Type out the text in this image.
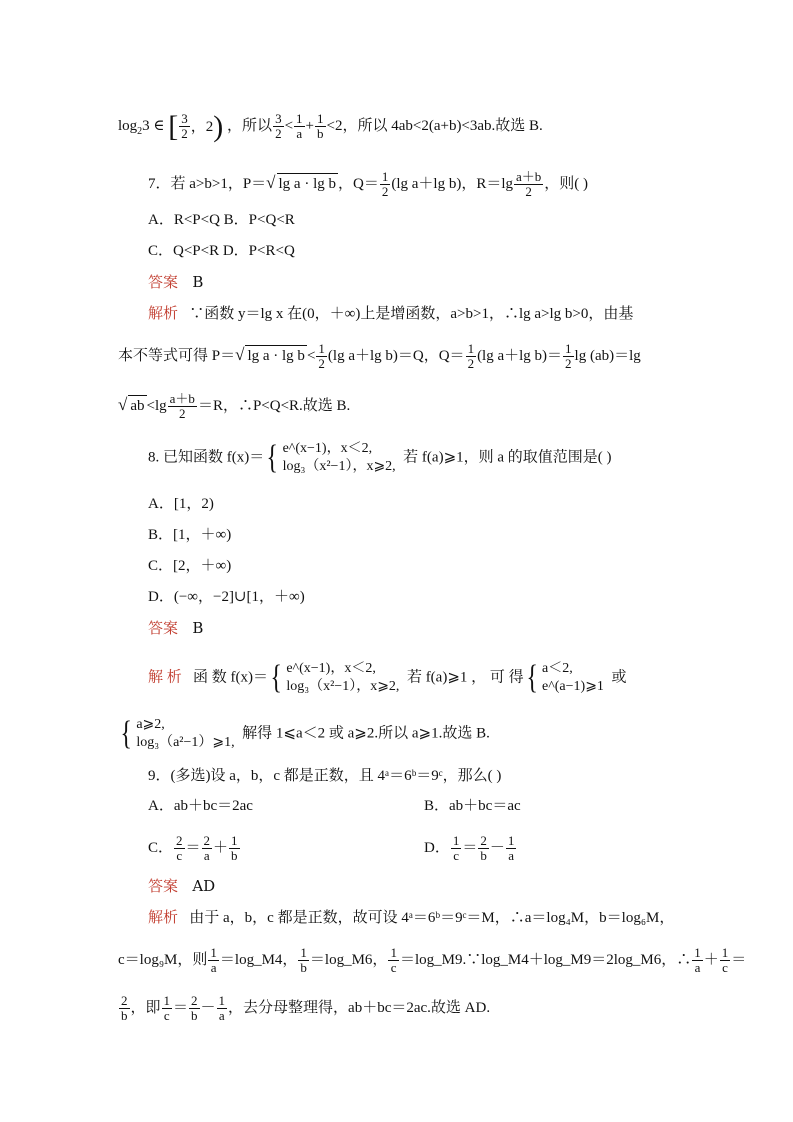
$\log_23$ ∈ [ $\frac{3}{2}$ ， 2 ) ，所以 $\frac{3}{2} < \frac{1}{a} + \frac{1}{b} <2$，所以 4ab<2(a+b)<3ab.故选 B.
7．若 a>b>1，P＝√ lg a · lg b ，$Q= \frac{1}{2} (\lg$ a＋lg b)，$R=\lg \frac{a+b}{2}$ ，则( )
A．R<P<Q B．P<Q<R
C．Q<P<R D．P<R<Q
答案 B
解析 ∵函数 y＝lg x 在(0，＋∞)上是增函数，a>b>1，∴lg a>lg b>0，由基
本不等式可得 P＝√ $\lg a \cdot \lg b < \frac{1}{2} (\lg$ a＋lg b)＝Q，$Q= \frac{1}{2} (\lg$ a＋lg $b)= \frac{1}{2}$ lg (ab)＝lg
√ ab $<\lg \frac{a+b}{2} =R$，∴P<Q<R.故选 B.
8. 已知函数 f(x)＝ { e^(x−1)，x＜2,
log₃（x²−1），x⩾2,
若 f(a)⩾1，则 a 的取值范围是( )
A．[1，2)
B．[1，＋∞)
C．[2，＋∞)
D．(−∞，−2]∪[1，＋∞)
答案 B
解 析 函 数 f(x)＝ { e^(x−1)，x＜2,
log₃（x²−1），x⩾2,
若 f(a)⩾1 ， 可 得 { a＜2,
e^(a−1)⩾1
或
{ a⩾2,
log₃（a²−1）⩾1,
解得 1⩽a＜2 或 a⩾2.所以 a⩾1.故选 B.
9．(多选)设 a，b，c 都是正数，且 4ᵃ＝6ᵇ＝9ᶜ，那么( )
A．ab＋bc＝2ac	B．ab＋bc＝ac
C． $\frac{2}{c} = \frac{2}{a} + \frac{1}{b}$	D． $\frac{1}{c} = \frac{2}{b} - \frac{1}{a}$
答案 AD
解析 由于 a，b，c 都是正数，故可设 4ᵃ＝6ᵇ＝9ᶜ＝M，∴a＝log₄M，b＝log₆M，
c＝log₉M，则 $\frac{1}{a}$ ＝log_M4， $\frac{1}{b}$ ＝log_M6， $\frac{1}{c}$ ＝log_M9.∵log_M4＋log_M9＝2log_M6，∴ $\frac{1}{a} + \frac{1}{c}$ ＝
$\frac{2}{b}$ ，即 $\frac{1}{c} = \frac{2}{b} - \frac{1}{a}$ ，去分母整理得，ab＋bc＝2ac.故选 AD.
